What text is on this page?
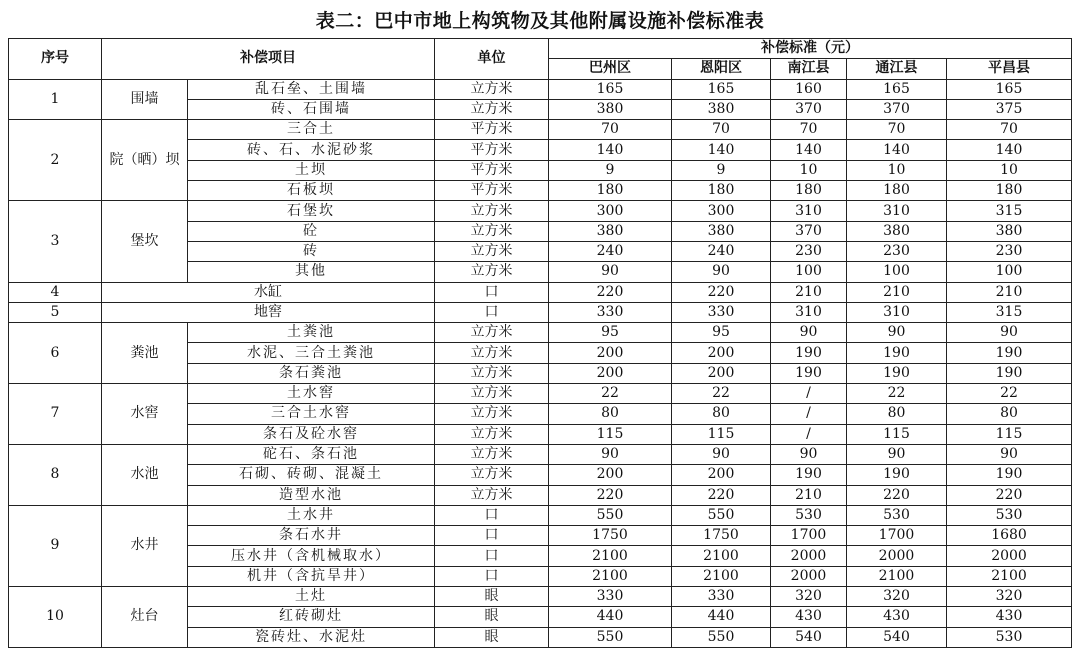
表二：巴中市地上构筑物及其他附属设施补偿标准表
序号	补偿项目		单位	补偿标准（元）				
				巴州区	恩阳区	南江县	通江县	平昌县
1	围墙	乱石垒、土围墙	立方米	165	165	160	165	165
		砖、石围墙	立方米	380	380	370	370	375
2	院（晒）坝	三合土	平方米	70	70	70	70	70
		砖、石、水泥砂浆	平方米	140	140	140	140	140
		土坝	平方米	9	9	10	10	10
		石板坝	平方米	180	180	180	180	180
3	堡坎	石堡坎	立方米	300	300	310	310	315
		砼	立方米	380	380	370	380	380
		砖	立方米	240	240	230	230	230
		其他	立方米	90	90	100	100	100
4	水缸		口	220	220	210	210	210
5	地窖		口	330	330	310	310	315
6	粪池	土粪池	立方米	95	95	90	90	90
		水泥、三合土粪池	立方米	200	200	190	190	190
		条石粪池	立方米	200	200	190	190	190
7	水窖	土水窖	立方米	22	22	/	22	22
		三合土水窖	立方米	80	80	/	80	80
		条石及砼水窖	立方米	115	115	/	115	115
8	水池	砣石、条石池	立方米	90	90	90	90	90
		石砌、砖砌、混凝土	立方米	200	200	190	190	190
		造型水池	立方米	220	220	210	220	220
9	水井	土水井	口	550	550	530	530	530
		条石水井	口	1750	1750	1700	1700	1680
		压水井（含机械取水）	口	2100	2100	2000	2000	2000
		机井（含抗旱井）	口	2100	2100	2000	2100	2100
10	灶台	土灶	眼	330	330	320	320	320
		红砖砌灶	眼	440	440	430	430	430
		瓷砖灶、水泥灶	眼	550	550	540	540	530
